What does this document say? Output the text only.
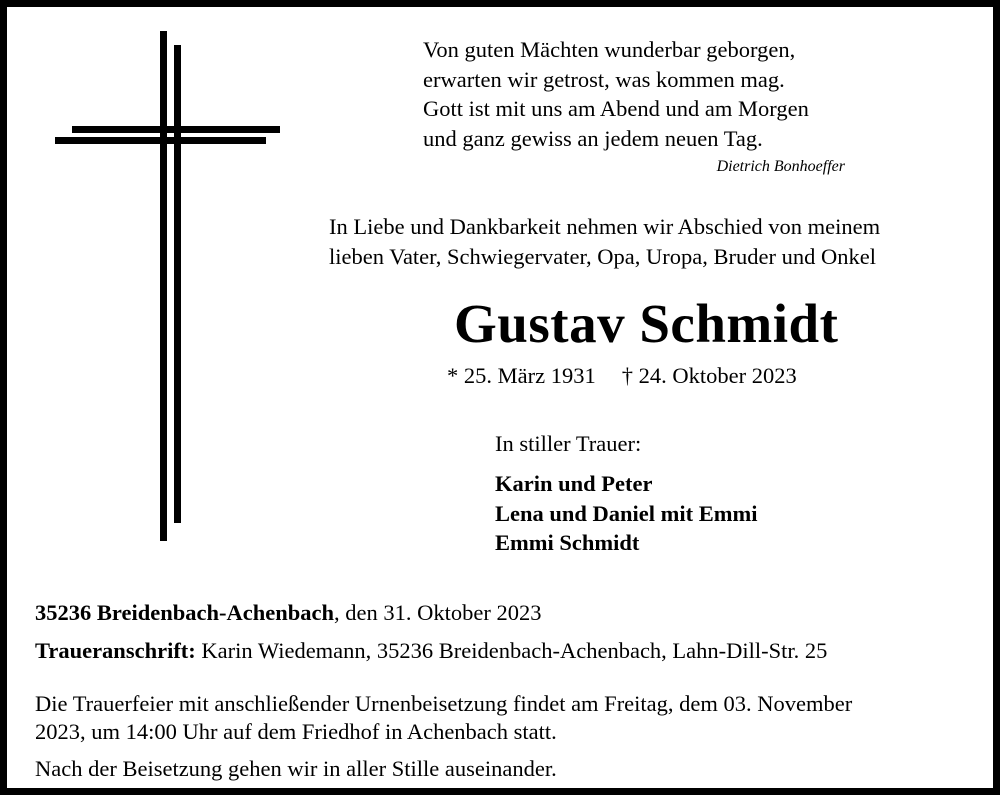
Von guten Mächten wunderbar geborgen,
erwarten wir getrost, was kommen mag.
Gott ist mit uns am Abend und am Morgen
und ganz gewiss an jedem neuen Tag.
Dietrich Bonhoeffer
In Liebe und Dankbarkeit nehmen wir Abschied von meinem
lieben Vater, Schwiegervater, Opa, Uropa, Bruder und Onkel
Gustav Schmidt
* 25. März 1931 † 24. Oktober 2023
In stiller Trauer:
Karin und Peter
Lena und Daniel mit Emmi
Emmi Schmidt
35236 Breidenbach-Achenbach, den 31. Oktober 2023
Traueranschrift: Karin Wiedemann, 35236 Breidenbach-Achenbach, Lahn-Dill-Str. 25
Die Trauerfeier mit anschließender Urnenbeisetzung findet am Freitag, dem 03. November
2023, um 14:00 Uhr auf dem Friedhof in Achenbach statt.
Nach der Beisetzung gehen wir in aller Stille auseinander.
